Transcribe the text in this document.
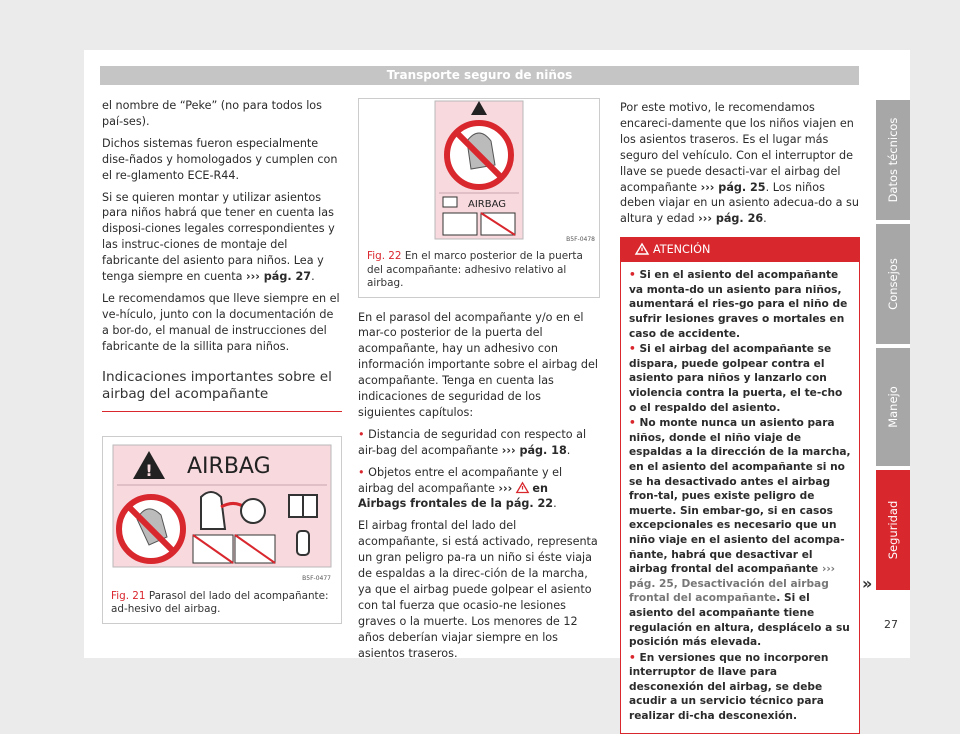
Transporte seguro de niños

el nombre de “Peke” (no para todos los paí-ses).

Dichos sistemas fueron especialmente dise-ñados y homologados y cumplen con el re-glamento ECE-R44.

Si se quieren montar y utilizar asientos para niños habrá que tener en cuenta las disposi-ciones legales correspondientes y las instruc-ciones de montaje del fabricante del asiento para niños. Lea y tenga siempre en cuenta ››› pág. 27.

Le recomendamos que lleve siempre en el ve-hículo, junto con la documentación de a bor-do, el manual de instrucciones del fabricante de la sillita para niños.

Indicaciones importantes sobre el airbag del acompañante
! AIRBAG
B5F-0477
Fig. 21 Parasol del lado del acompañante: ad-hesivo del airbag.
AIRBAG
B5F-0478
Fig. 22 En el marco posterior de la puerta del acompañante: adhesivo relativo al airbag.

En el parasol del acompañante y/o en el mar-co posterior de la puerta del acompañante, hay un adhesivo con información importante sobre el airbag del acompañante. Tenga en cuenta las indicaciones de seguridad de los siguientes capítulos:

• Distancia de seguridad con respecto al air-bag del acompañante ››› pág. 18.

• Objetos entre el acompañante y el airbag del acompañante ››› en Airbags frontales de la pág. 22.

El airbag frontal del lado del acompañante, si está activado, representa un gran peligro pa-ra un niño si éste viaja de espaldas a la direc-ción de la marcha, ya que el airbag puede golpear el asiento con tal fuerza que ocasio-ne lesiones graves o la muerte. Los menores de 12 años deberían viajar siempre en los asientos traseros.

Por este motivo, le recomendamos encareci-damente que los niños viajen en los asientos traseros. Es el lugar más seguro del vehículo. Con el interruptor de llave se puede desacti-var el airbag del acompañante ››› pág. 25. Los niños deben viajar en un asiento adecua-do a su altura y edad ››› pág. 26.

ATENCIÓN

• Si en el asiento del acompañante va monta-do un asiento para niños, aumentará el ries-go para el niño de sufrir lesiones graves o mortales en caso de accidente.

• Si el airbag del acompañante se dispara, puede golpear contra el asiento para niños y lanzarlo con violencia contra la puerta, el te-cho o el respaldo del asiento.

• No monte nunca un asiento para niños, donde el niño viaje de espaldas a la dirección de la marcha, en el asiento del acompañante si no se ha desactivado antes el airbag fron-tal, pues existe peligro de muerte. Sin embar-go, si en casos excepcionales es necesario que un niño viaje en el asiento del acompa-ñante, habrá que desactivar el airbag frontal del acompañante ››› pág. 25, Desactivación del airbag frontal del acompañante. Si el asiento del acompañante tiene regulación en altura, desplácelo a su posición más elevada.

• En versiones que no incorporen interruptor de llave para desconexión del airbag, se debe acudir a un servicio técnico para realizar di-cha desconexión.

»
Datos técnicos
Consejos
Manejo
Seguridad
27
